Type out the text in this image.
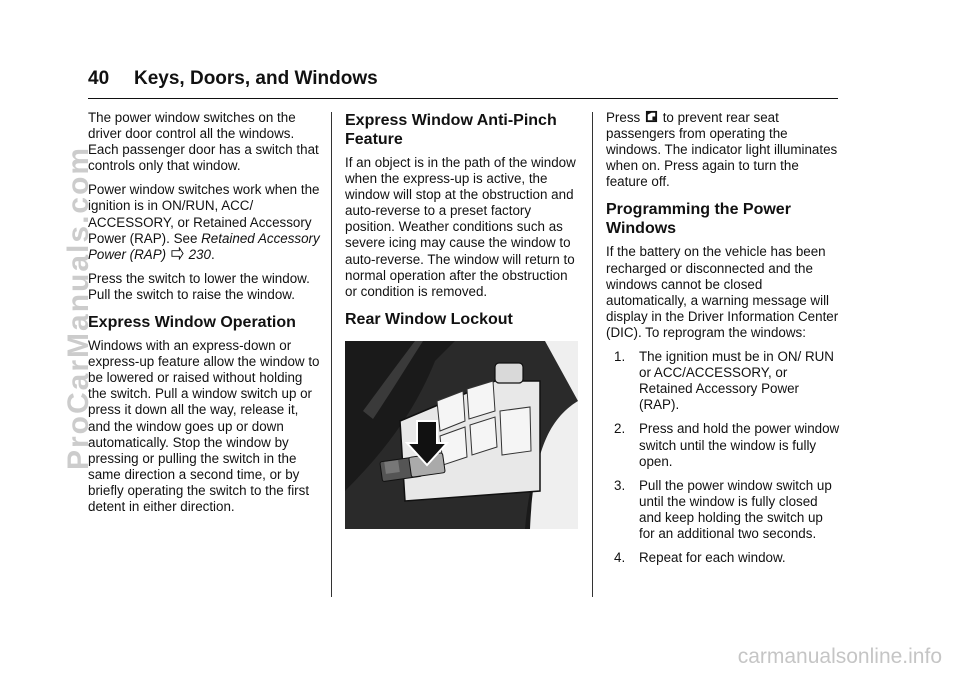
40 Keys, Doors, and Windows

The power window switches on the driver door control all the windows. Each passenger door has a switch that controls only that window.

Power window switches work when the ignition is in ON/RUN, ACC/ ACCESSORY, or Retained Accessory Power (RAP). See Retained Accessory Power (RAP) 230.

Press the switch to lower the window. Pull the switch to raise the window.

Express Window Operation

Windows with an express-down or express-up feature allow the window to be lowered or raised without holding the switch. Pull a window switch up or press it down all the way, release it, and the window goes up or down automatically. Stop the window by pressing or pulling the switch in the same direction a second time, or by briefly operating the switch to the first detent in either direction.

Express Window Anti-Pinch Feature

If an object is in the path of the window when the express-up is active, the window will stop at the obstruction and auto-reverse to a preset factory position. Weather conditions such as severe icing may cause the window to auto-reverse. The window will return to normal operation after the obstruction or condition is removed.

Rear Window Lockout

Press  to prevent rear seat passengers from operating the windows. The indicator light illuminates when on. Press again to turn the feature off.

Programming the Power Windows

If the battery on the vehicle has been recharged or disconnected and the windows cannot be closed automatically, a warning message will display in the Driver Information Center (DIC). To reprogram the windows:

1. The ignition must be in ON/ RUN or ACC/ACCESSORY, or Retained Accessory Power (RAP).
2. Press and hold the power window switch until the window is fully open.
3. Pull the power window switch up until the window is fully closed and keep holding the switch up for an additional two seconds.
4. Repeat for each window.
ProCarManuals.com
carmanualsonline.info
